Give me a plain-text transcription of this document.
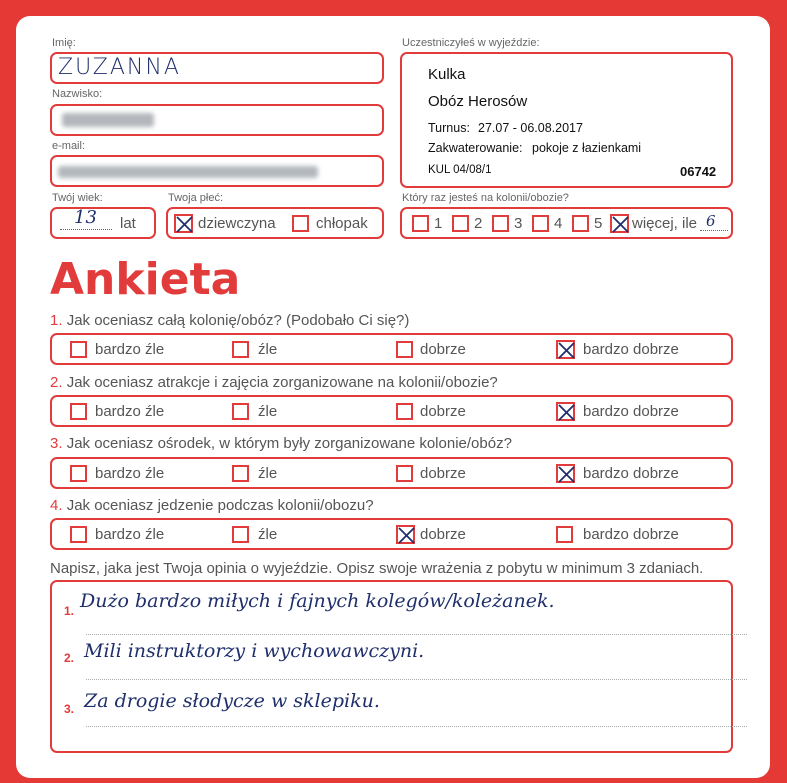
Imię:
ZUZANNA
Nazwisko:
e-mail:
Twój wiek:
13 lat
Twoja płeć:
dziewczyna	chłopak
Uczestniczyłeś w wyjeździe:
Kulka
Obóz Herosów
Turnus: 27.07 - 06.08.2017
Zakwaterowanie: pokoje z łazienkami
KUL 04/08/1	06742
Który raz jesteś na kolonii/obozie?
1 2 3 4 5 więcej, ile 6
Ankieta
1. Jak oceniasz całą kolonię/obóz? (Podobało Ci się?)
2. Jak oceniasz atrakcje i zajęcia zorganizowane na kolonii/obozie?
3. Jak oceniasz ośrodek, w którym były zorganizowane kolonie/obóz?
4. Jak oceniasz jedzenie podczas kolonii/obozu?
bardzo źle	źle	dobrze	bardzo dobrze
bardzo źle	źle	dobrze	bardzo dobrze
bardzo źle	źle	dobrze	bardzo dobrze
bardzo źle	źle	dobrze	bardzo dobrze
Napisz, jaka jest Twoja opinia o wyjeździe. Opisz swoje wrażenia z pobytu w minimum 3 zdaniach.
1. Dużo bardzo miłych i fajnych kolegów/koleżanek.
2. Mili instruktorzy i wychowawczyni.
3. Za drogie słodycze w sklepiku.
